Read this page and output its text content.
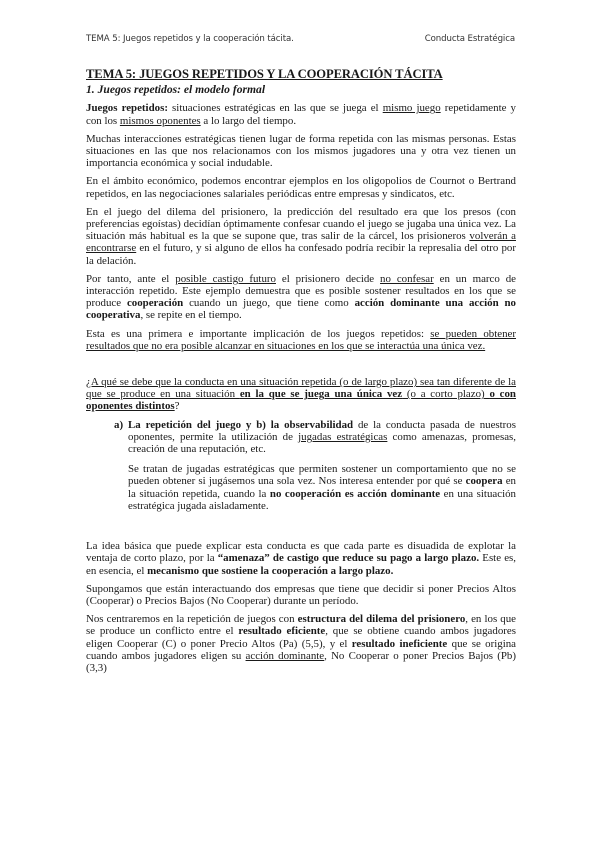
TEMA 5: Juegos repetidos y la cooperación tácita.	Conducta Estratégica
TEMA 5: JUEGOS REPETIDOS Y LA COOPERACIÓN TÁCITA
1. Juegos repetidos: el modelo formal

Juegos repetidos: situaciones estratégicas en las que se juega el mismo juego repetidamente y con los mismos oponentes a lo largo del tiempo.

Muchas interacciones estratégicas tienen lugar de forma repetida con las mismas personas. Estas situaciones en las que nos relacionamos con los mismos jugadores una y otra vez tienen un importancia económica y social indudable.

En el ámbito económico, podemos encontrar ejemplos en los oligopolios de Cournot o Bertrand repetidos, en las negociaciones salariales periódicas entre empresas y sindicatos, etc.

En el juego del dilema del prisionero, la predicción del resultado era que los presos (con preferencias egoístas) decidían óptimamente confesar cuando el juego se jugaba una única vez. La situación más habitual es la que se supone que, tras salir de la cárcel, los prisioneros volverán a encontrarse en el futuro, y si alguno de ellos ha confesado podría recibir la represalia del otro por la delación.

Por tanto, ante el posible castigo futuro el prisionero decide no confesar en un marco de interacción repetido. Este ejemplo demuestra que es posible sostener resultados en los que se produce cooperación cuando un juego, que tiene como acción dominante una acción no cooperativa, se repite en el tiempo.

Esta es una primera e importante implicación de los juegos repetidos: se pueden obtener resultados que no era posible alcanzar en situaciones en los que se interactúa una única vez.

¿A qué se debe que la conducta en una situación repetida (o de largo plazo) sea tan diferente de la que se produce en una situación en la que se juega una única vez (o a corto plazo) o con oponentes distintos?

a) La repetición del juego y b) la observabilidad de la conducta pasada de nuestros oponentes, permite la utilización de jugadas estratégicas como amenazas, promesas, creación de una reputación, etc.
Se tratan de jugadas estratégicas que permiten sostener un comportamiento que no se pueden obtener si jugásemos una sola vez. Nos interesa entender por qué se coopera en la situación repetida, cuando la no cooperación es acción dominante en una situación estratégica jugada aisladamente.

La idea básica que puede explicar esta conducta es que cada parte es disuadida de explotar la ventaja de corto plazo, por la “amenaza” de castigo que reduce su pago a largo plazo. Este es, en esencia, el mecanismo que sostiene la cooperación a largo plazo.

Supongamos que están interactuando dos empresas que tiene que decidir si poner Precios Altos (Cooperar) o Precios Bajos (No Cooperar) durante un período.

Nos centraremos en la repetición de juegos con estructura del dilema del prisionero, en los que se produce un conflicto entre el resultado eficiente, que se obtiene cuando ambos jugadores eligen Cooperar (C) o poner Precio Altos (Pa) (5,5), y el resultado ineficiente que se origina cuando ambos jugadores eligen su acción dominante, No Cooperar o poner Precios Bajos (Pb) (3,3)
